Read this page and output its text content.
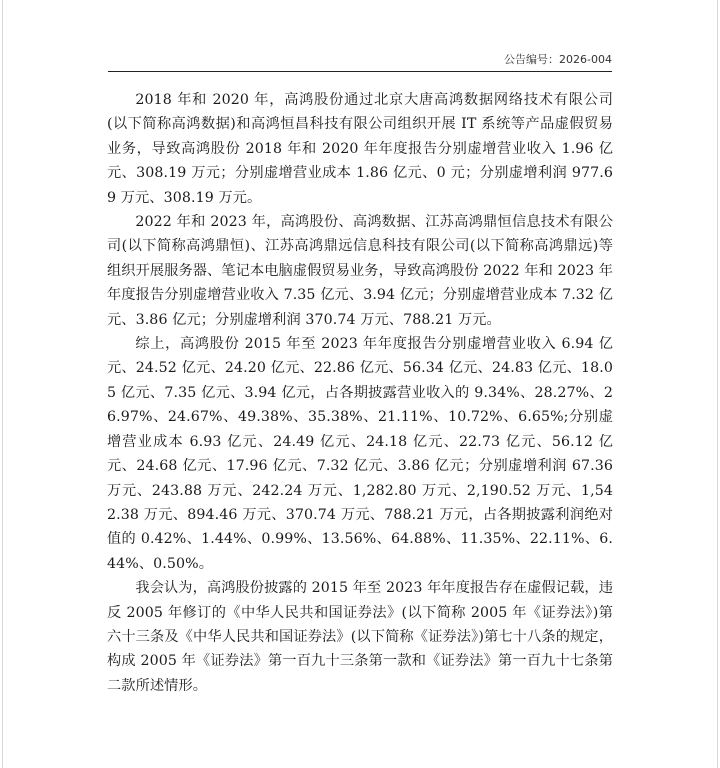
公告编号：2026-004

2018 年和 2020 年，高鸿股份通过北京大唐高鸿数据网络技术有限公司(以下简称高鸿数据)和高鸿恒昌科技有限公司组织开展 IT 系统等产品虚假贸易业务，导致高鸿股份 2018 年和 2020 年年度报告分别虚增营业收入 1.96 亿元、308.19 万元；分别虚增营业成本 1.86 亿元、0 元；分别虚增利润 977.69 万元、308.19 万元。

2022 年和 2023 年，高鸿股份、高鸿数据、江苏高鸿鼎恒信息技术有限公司(以下简称高鸿鼎恒)、江苏高鸿鼎远信息科技有限公司(以下简称高鸿鼎远)等组织开展服务器、笔记本电脑虚假贸易业务，导致高鸿股份 2022 年和 2023 年年度报告分别虚增营业收入 7.35 亿元、3.94 亿元；分别虚增营业成本 7.32 亿元、3.86 亿元；分别虚增利润 370.74 万元、788.21 万元。

综上，高鸿股份 2015 年至 2023 年年度报告分别虚增营业收入 6.94 亿元、24.52 亿元、24.20 亿元、22.86 亿元、56.34 亿元、24.83 亿元、18.05 亿元、7.35 亿元、3.94 亿元，占各期披露营业收入的 9.34%、28.27%、26.97%、24.67%、49.38%、35.38%、21.11%、10.72%、6.65%;分别虚增营业成本 6.93 亿元、24.49 亿元、24.18 亿元、22.73 亿元、56.12 亿元、24.68 亿元、17.96 亿元、7.32 亿元、3.86 亿元；分别虚增利润 67.36 万元、243.88 万元、242.24 万元、1,282.80 万元、2,190.52 万元、1,542.38 万元、894.46 万元、370.74 万元、788.21 万元，占各期披露利润绝对值的 0.42%、1.44%、0.99%、13.56%、64.88%、11.35%、22.11%、6.44%、0.50%。

我会认为，高鸿股份披露的 2015 年至 2023 年年度报告存在虚假记载，违反 2005 年修订的《中华人民共和国证券法》(以下简称 2005 年《证券法》)第六十三条及《中华人民共和国证券法》(以下简称《证券法》)第七十八条的规定，构成 2005 年《证券法》第一百九十三条第一款和《证券法》第一百九十七条第二款所述情形。
